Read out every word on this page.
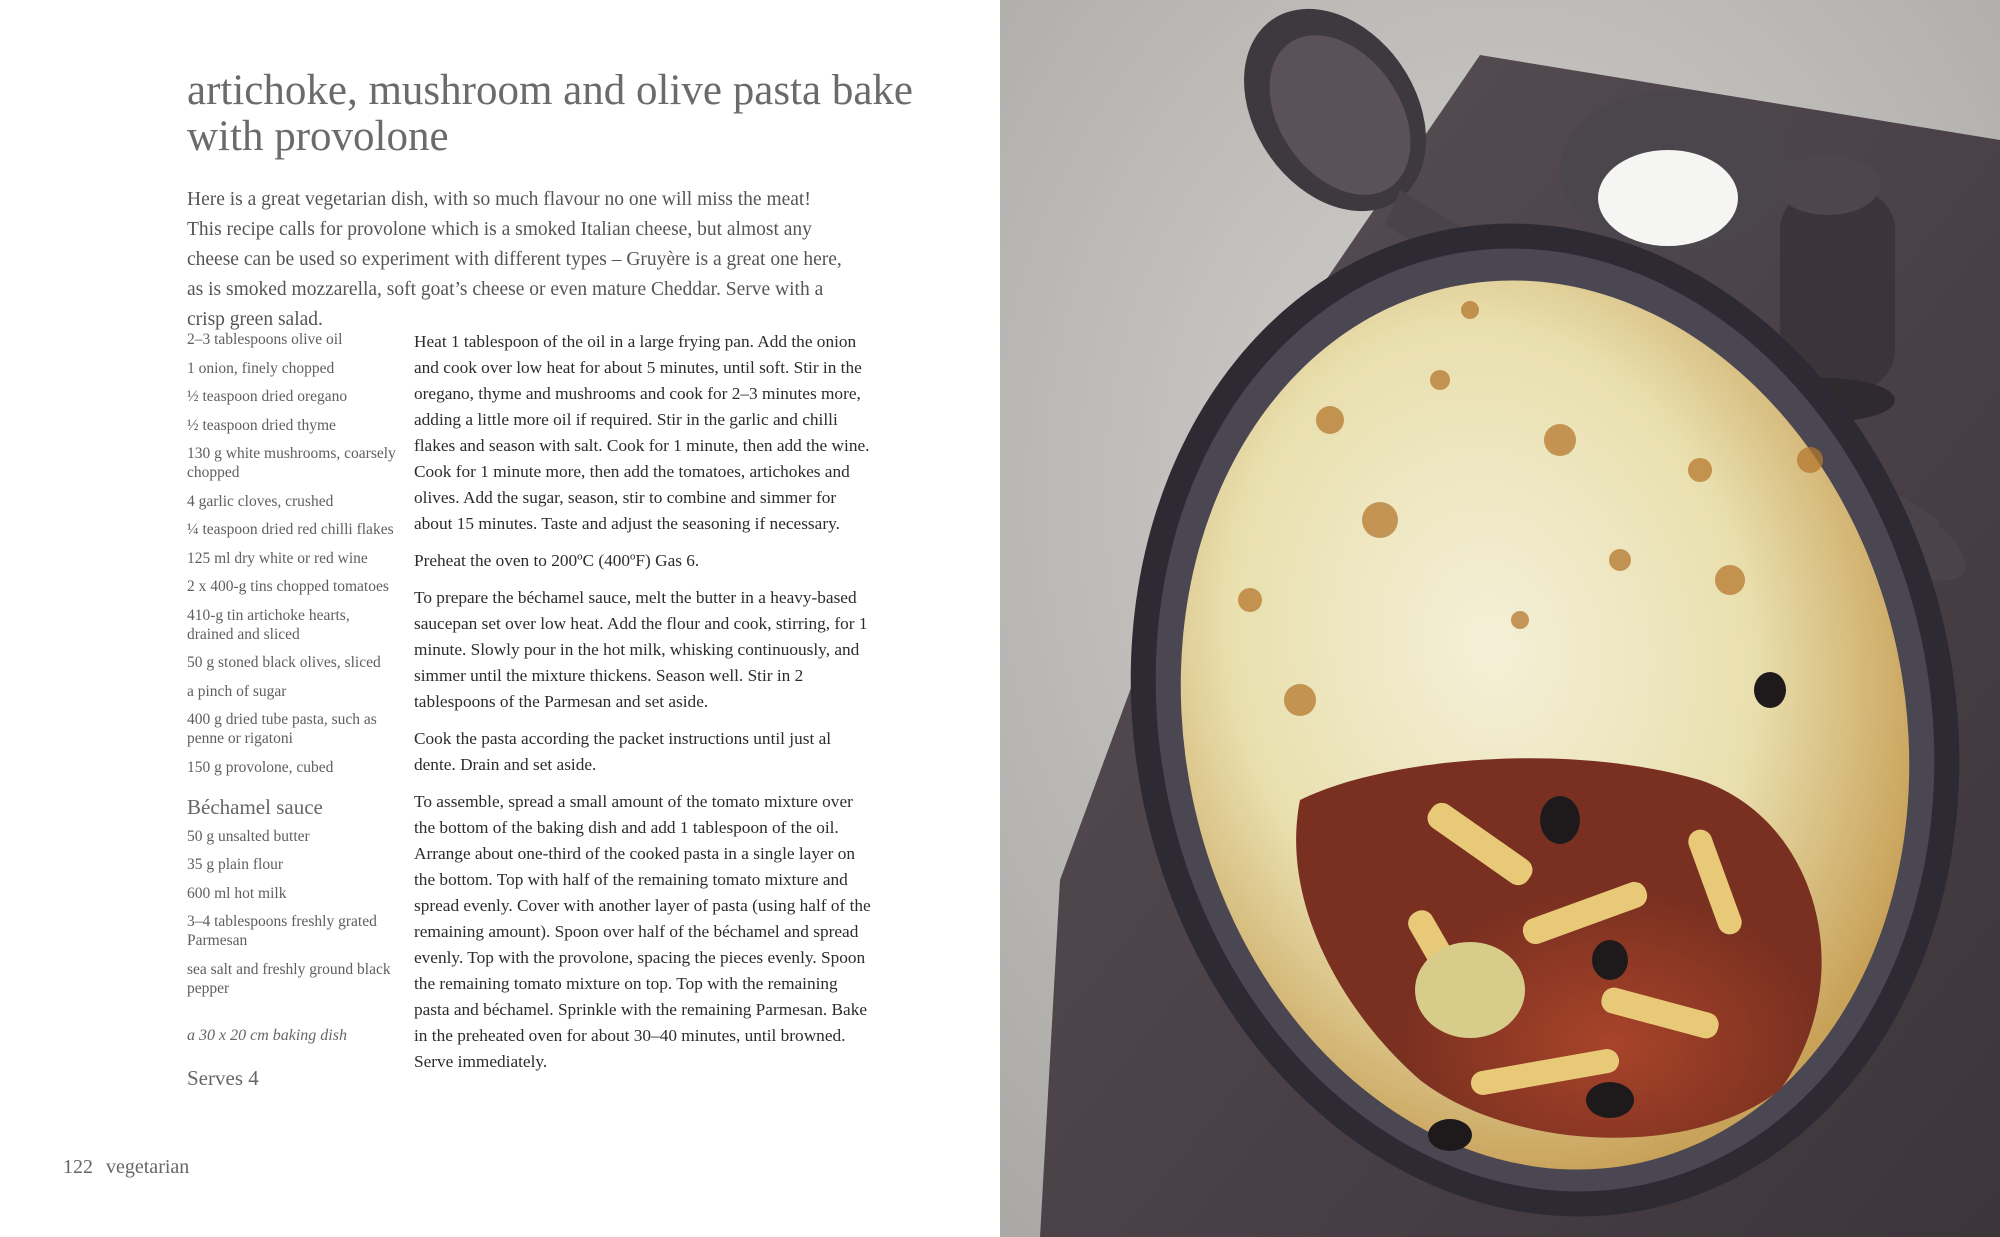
artichoke, mushroom and olive pasta bake
with provolone

Here is a great vegetarian dish, with so much flavour no one will miss the meat! This recipe calls for provolone which is a smoked Italian cheese, but almost any cheese can be used so experiment with different types – Gruyère is a great one here, as is smoked mozzarella, soft goat’s cheese or even mature Cheddar. Serve with a crisp green salad.

2–3 tablespoons olive oil
1 onion, finely chopped
½ teaspoon dried oregano
½ teaspoon dried thyme
130 g white mushrooms, coarsely chopped
4 garlic cloves, crushed
¼ teaspoon dried red chilli flakes
125 ml dry white or red wine
2 x 400-g tins chopped tomatoes
410-g tin artichoke hearts, drained and sliced
50 g stoned black olives, sliced
a pinch of sugar
400 g dried tube pasta, such as penne or rigatoni
150 g provolone, cubed
Béchamel sauce
50 g unsalted butter
35 g plain flour
600 ml hot milk
3–4 tablespoons freshly grated Parmesan
sea salt and freshly ground black pepper
a 30 x 20 cm baking dish
Serves 4

Heat 1 tablespoon of the oil in a large frying pan. Add the onion and cook over low heat for about 5 minutes, until soft. Stir in the oregano, thyme and mushrooms and cook for 2–3 minutes more, adding a little more oil if required. Stir in the garlic and chilli flakes and season with salt. Cook for 1 minute, then add the wine. Cook for 1 minute more, then add the tomatoes, artichokes and olives. Add the sugar, season, stir to combine and simmer for about 15 minutes. Taste and adjust the seasoning if necessary.

Preheat the oven to 200ºC (400ºF) Gas 6.

To prepare the béchamel sauce, melt the butter in a heavy-based saucepan set over low heat. Add the flour and cook, stirring, for 1 minute. Slowly pour in the hot milk, whisking continuously, and simmer until the mixture thickens. Season well. Stir in 2 tablespoons of the Parmesan and set aside.

Cook the pasta according the packet instructions until just al dente. Drain and set aside.

To assemble, spread a small amount of the tomato mixture over the bottom of the baking dish and add 1 tablespoon of the oil. Arrange about one-third of the cooked pasta in a single layer on the bottom. Top with half of the remaining tomato mixture and spread evenly. Cover with another layer of pasta (using half of the remaining amount). Spoon over half of the béchamel and spread evenly. Top with the provolone, spacing the pieces evenly. Spoon the remaining tomato mixture on top. Top with the remaining pasta and béchamel. Sprinkle with the remaining Parmesan. Bake in the preheated oven for about 30–40 minutes, until browned. Serve immediately.

122 vegetarian
